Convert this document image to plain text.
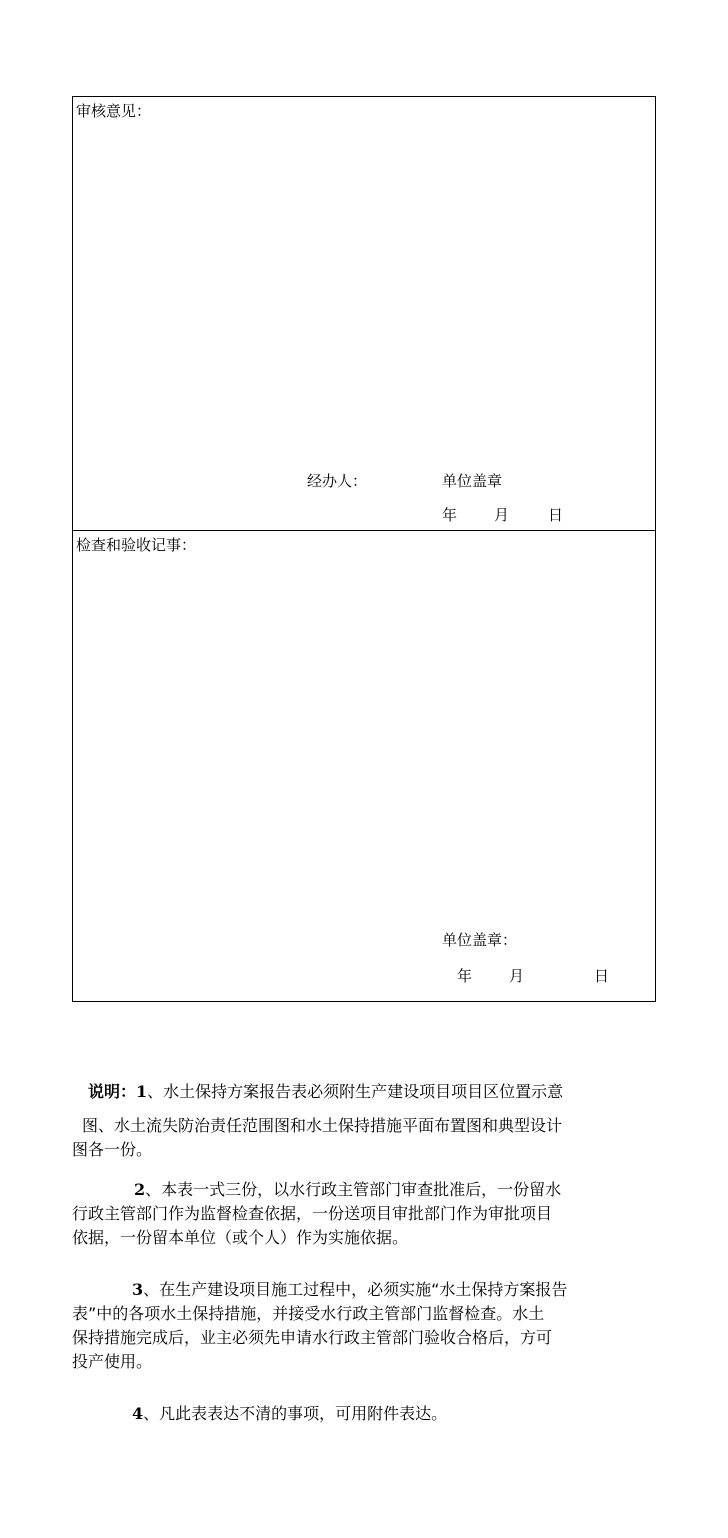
审核意见：
经办人：	单位盖章
年 月	日
检查和验收记事：
单位盖章：
年 月	日

说明：1、水土保持方案报告表必须附生产建设项目项目区位置示意

图、水土流失防治责任范围图和水土保持措施平面布置图和典型设计

图各一份。

2、本表一式三份，以水行政主管部门审查批准后，一份留水

行政主管部门作为监督检查依据，一份送项目审批部门作为审批项目

依据，一份留本单位（或个人）作为实施依据。

3、在生产建设项目施工过程中，必须实施“水土保持方案报告

表”中的各项水土保持措施，并接受水行政主管部门监督检查。水土

保持措施完成后，业主必须先申请水行政主管部门验收合格后，方可

投产使用。

4、凡此表表达不清的事项，可用附件表达。
